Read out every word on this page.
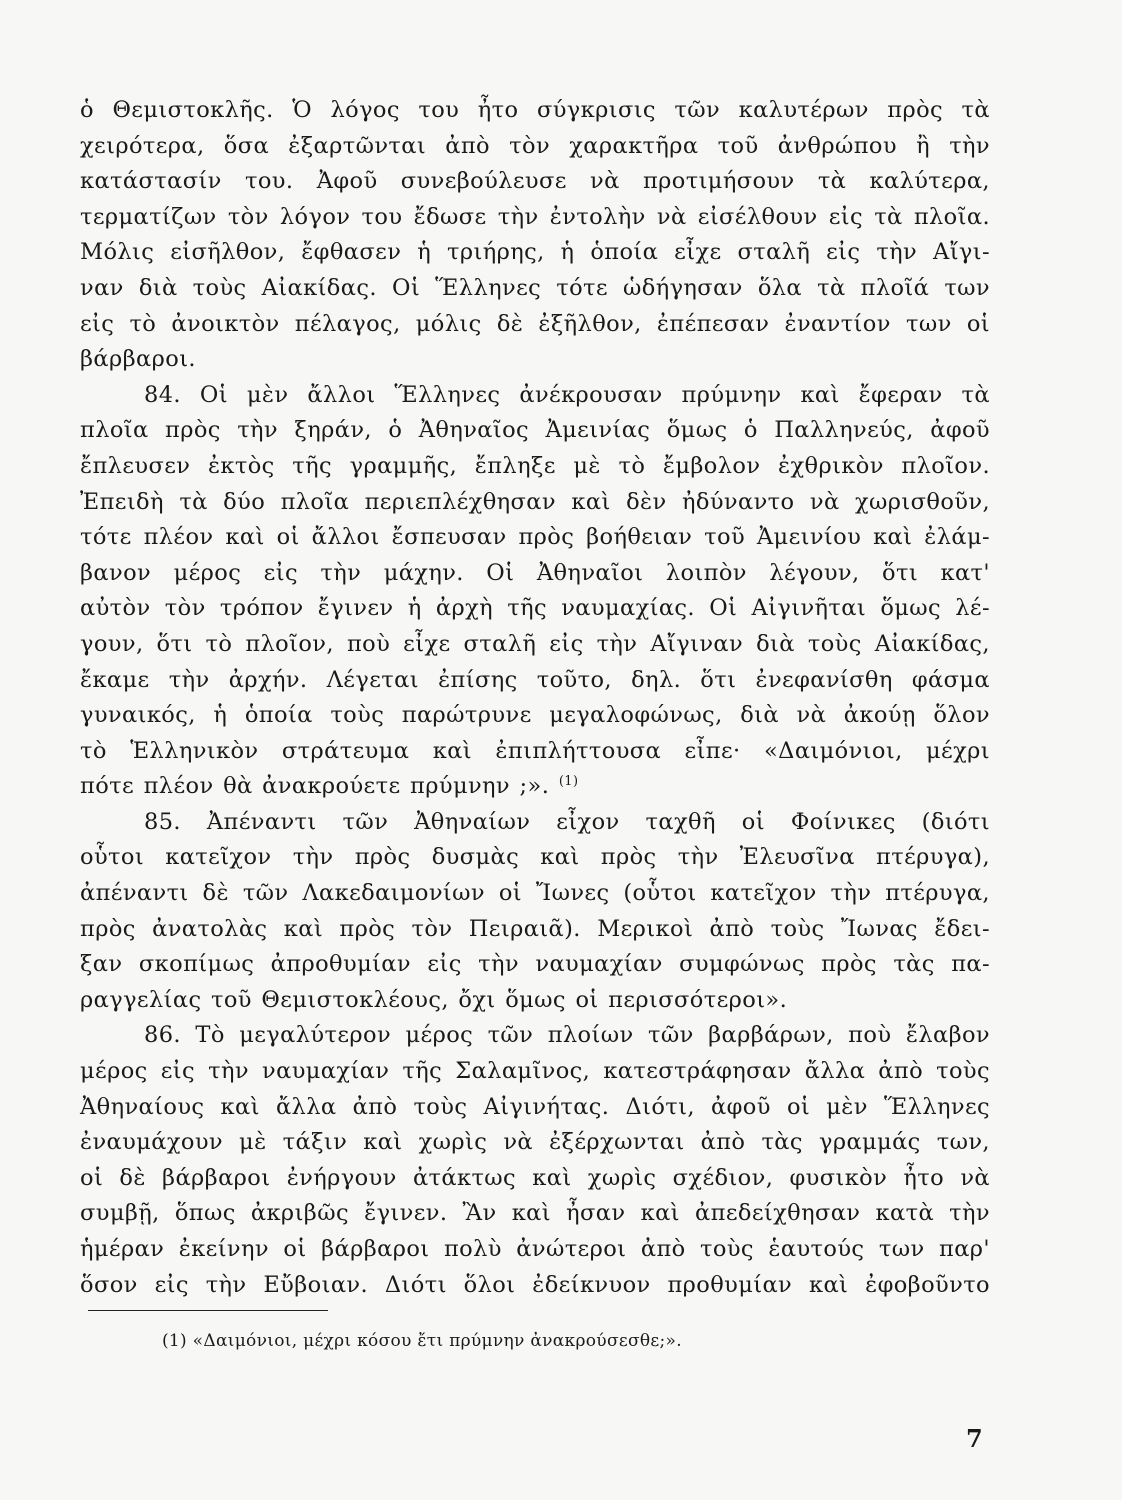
ὁ Θεμιστοκλῆς. Ὁ λόγος του ἦτο σύγκρισις τῶν καλυτέρων πρὸς τὰ
χειρότερα, ὅσα ἐξαρτῶνται ἀπὸ τὸν χαρακτῆρα τοῦ ἀνθρώπου ἢ τὴν
κατάστασίν του. Ἀφοῦ συνεβούλευσε νὰ προτιμήσουν τὰ καλύτερα,
τερματίζων τὸν λόγον του ἔδωσε τὴν ἐντολὴν νὰ εἰσέλθουν εἰς τὰ πλοῖα.
Μόλις εἰσῆλθον, ἔφθασεν ἡ τριήρης, ἡ ὁποία εἶχε σταλῆ εἰς τὴν Αἴγι-
ναν διὰ τοὺς Αἰακίδας. Οἱ Ἕλληνες τότε ὡδήγησαν ὅλα τὰ πλοῖά των
εἰς τὸ ἀνοικτὸν πέλαγος, μόλις δὲ ἐξῆλθον, ἐπέπεσαν ἐναντίον των οἱ
βάρβαροι.
84. Οἱ μὲν ἄλλοι Ἕλληνες ἀνέκρουσαν πρύμνην καὶ ἔφεραν τὰ
πλοῖα πρὸς τὴν ξηράν, ὁ Ἀθηναῖος Ἀμεινίας ὅμως ὁ Παλληνεύς, ἀφοῦ
ἔπλευσεν ἐκτὸς τῆς γραμμῆς, ἔπληξε μὲ τὸ ἔμβολον ἐχθρικὸν πλοῖον.
Ἐπειδὴ τὰ δύο πλοῖα περιεπλέχθησαν καὶ δὲν ἠδύναντο νὰ χωρισθοῦν,
τότε πλέον καὶ οἱ ἄλλοι ἔσπευσαν πρὸς βοήθειαν τοῦ Ἀμεινίου καὶ ἐλάμ-
βανον μέρος εἰς τὴν μάχην. Οἱ Ἀθηναῖοι λοιπὸν λέγουν, ὅτι κατ'
αὐτὸν τὸν τρόπον ἔγινεν ἡ ἀρχὴ τῆς ναυμαχίας. Οἱ Αἰγινῆται ὅμως λέ-
γουν, ὅτι τὸ πλοῖον, ποὺ εἶχε σταλῆ εἰς τὴν Αἴγιναν διὰ τοὺς Αἰακίδας,
ἔκαμε τὴν ἀρχήν. Λέγεται ἐπίσης τοῦτο, δηλ. ὅτι ἐνεφανίσθη φάσμα
γυναικός, ἡ ὁποία τοὺς παρώτρυνε μεγαλοφώνως, διὰ νὰ ἀκούῃ ὅλον
τὸ Ἑλληνικὸν στράτευμα καὶ ἐπιπλήττουσα εἶπε· «Δαιμόνιοι, μέχρι
πότε πλέον θὰ ἀνακρούετε πρύμνην ;». $^{(1)}$
85. Ἀπέναντι τῶν Ἀθηναίων εἶχον ταχθῆ οἱ Φοίνικες (διότι
οὗτοι κατεῖχον τὴν πρὸς δυσμὰς καὶ πρὸς τὴν Ἐλευσῖνα πτέρυγα),
ἀπέναντι δὲ τῶν Λακεδαιμονίων οἱ Ἴωνες (οὗτοι κατεῖχον τὴν πτέρυγα,
πρὸς ἀνατολὰς καὶ πρὸς τὸν Πειραιᾶ). Μερικοὶ ἀπὸ τοὺς Ἴωνας ἔδει-
ξαν σκοπίμως ἀπροθυμίαν εἰς τὴν ναυμαχίαν συμφώνως πρὸς τὰς πα-
ραγγελίας τοῦ Θεμιστοκλέους, ὄχι ὅμως οἱ περισσότεροι».
86. Τὸ μεγαλύτερον μέρος τῶν πλοίων τῶν βαρβάρων, ποὺ ἔλαβον
μέρος εἰς τὴν ναυμαχίαν τῆς Σαλαμῖνος, κατεστράφησαν ἄλλα ἀπὸ τοὺς
Ἀθηναίους καὶ ἄλλα ἀπὸ τοὺς Αἰγινήτας. Διότι, ἀφοῦ οἱ μὲν Ἕλληνες
ἐναυμάχουν μὲ τάξιν καὶ χωρὶς νὰ ἐξέρχωνται ἀπὸ τὰς γραμμάς των,
οἱ δὲ βάρβαροι ἐνήργουν ἀτάκτως καὶ χωρὶς σχέδιον, φυσικὸν ἦτο νὰ
συμβῇ, ὅπως ἀκριβῶς ἔγινεν. Ἂν καὶ ἦσαν καὶ ἀπεδείχθησαν κατὰ τὴν
ἡμέραν ἐκείνην οἱ βάρβαροι πολὺ ἀνώτεροι ἀπὸ τοὺς ἑαυτούς των παρ'
ὅσον εἰς τὴν Εὔβοιαν. Διότι ὅλοι ἐδείκνυον προθυμίαν καὶ ἐφοβοῦντο
(1) «Δαιμόνιοι, μέχρι κόσου ἔτι πρύμνην ἀνακρούσεσθε;».
7
